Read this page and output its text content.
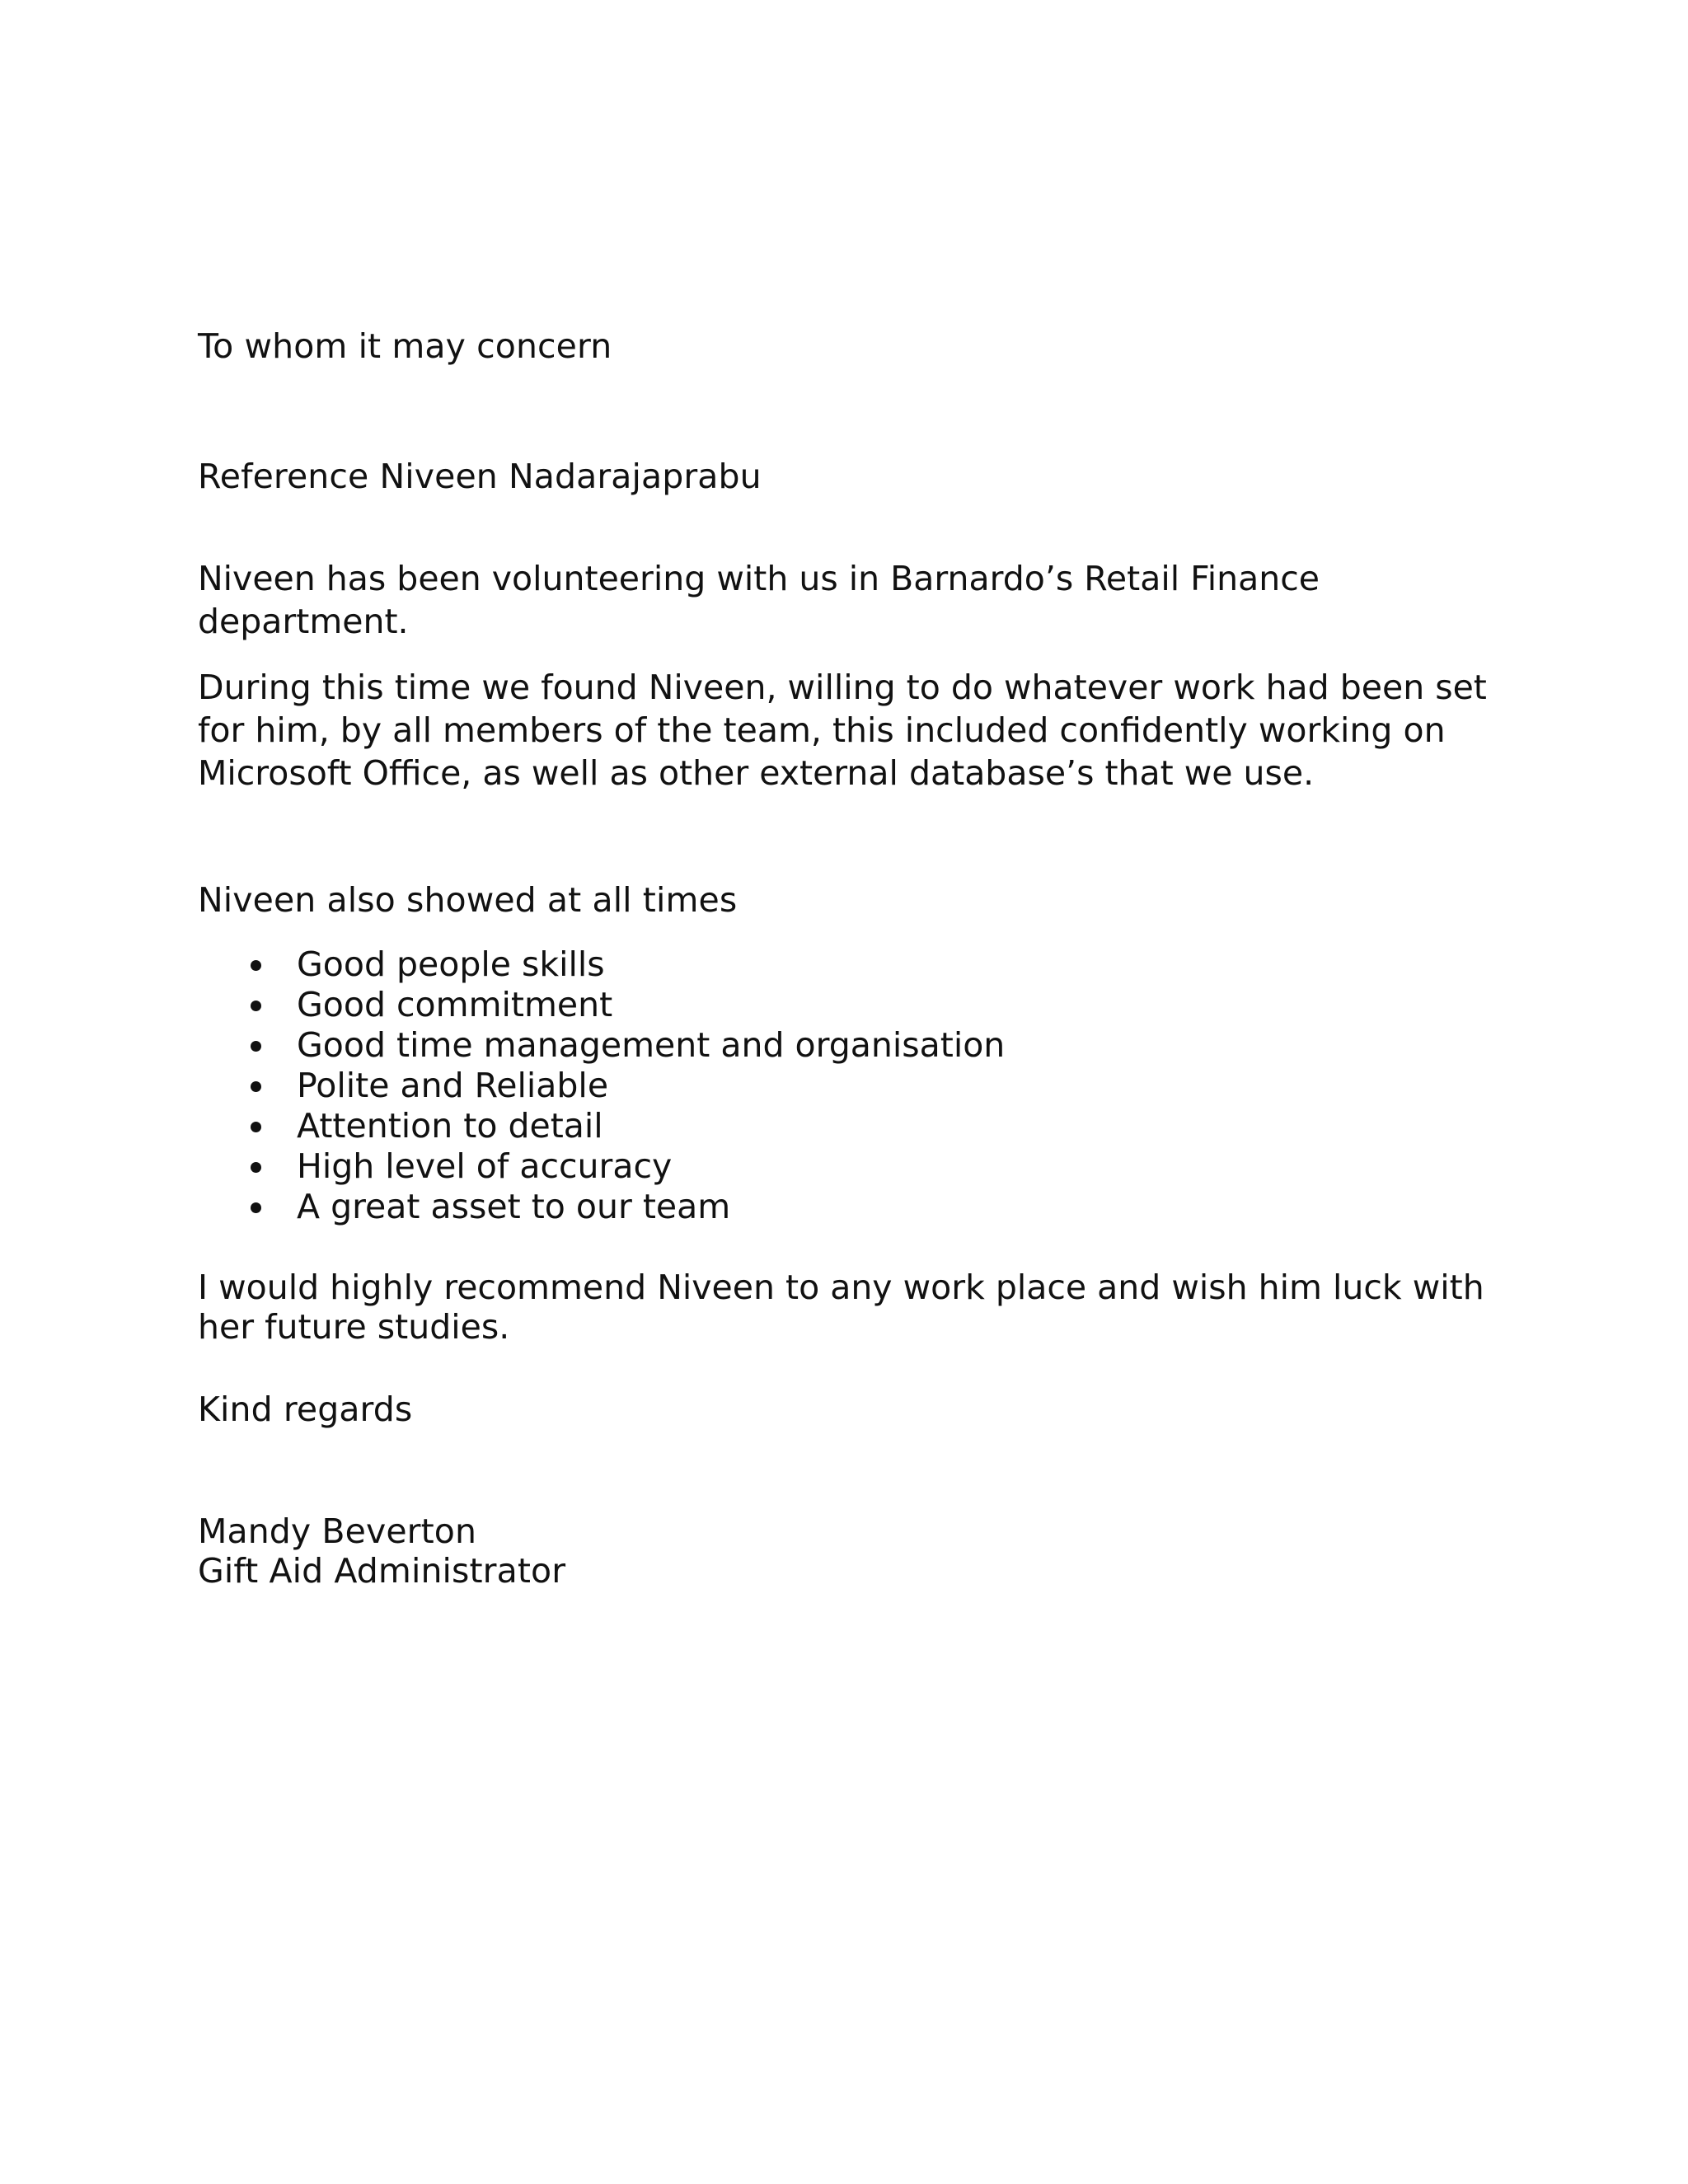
To whom it may concern
Reference Niveen Nadarajaprabu
Niveen has been volunteering with us in Barnardo’s Retail Finance
department.
During this time we found Niveen, willing to do whatever work had been set
for him, by all members of the team, this included confidently working on
Microsoft Office, as well as other external database’s that we use.
Niveen also showed at all times
Good people skills
Good commitment
Good time management and organisation
Polite and Reliable
Attention to detail
High level of accuracy
A great asset to our team
I would highly recommend Niveen to any work place and wish him luck with
her future studies.
Kind regards
Mandy Beverton
Gift Aid Administrator
